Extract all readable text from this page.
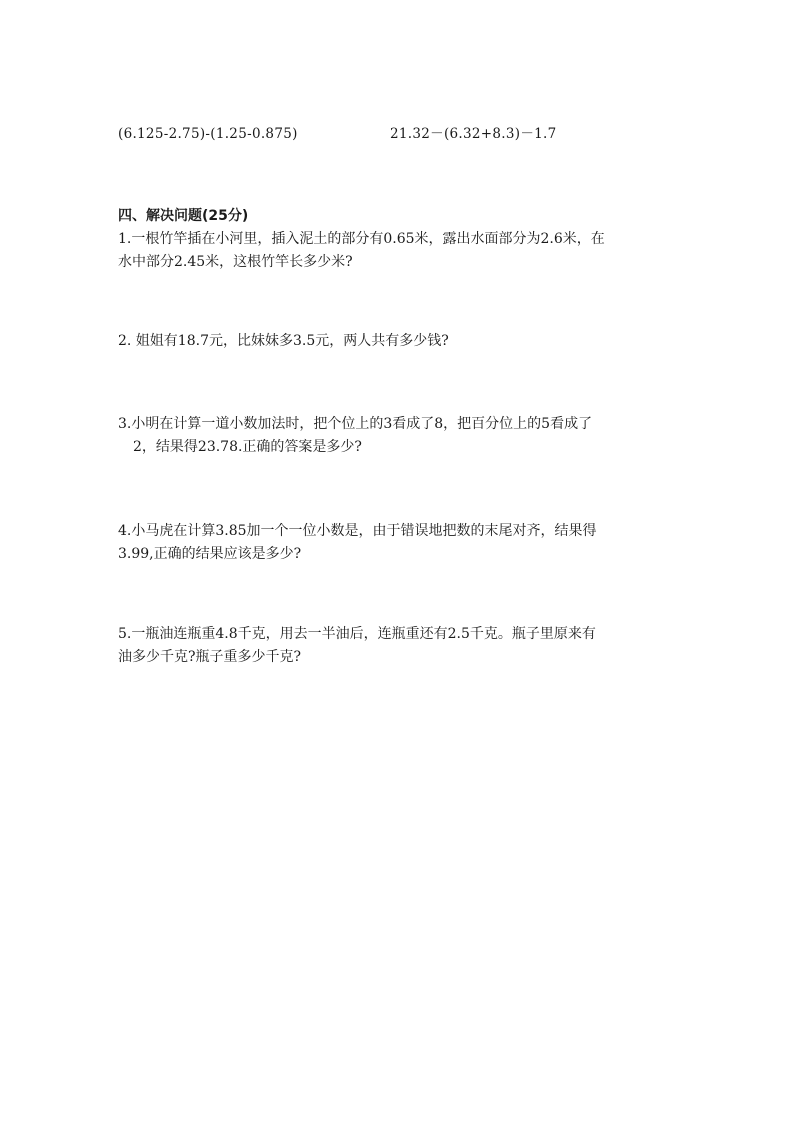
(6.125-2.75)-(1.25-0.875)	21.32－(6.32+8.3)－1.7
四、解决问题(25分)
1.一根竹竿插在小河里，插入泥土的部分有0.65米，露出水面部分为2.6米，在
水中部分2.45米，这根竹竿长多少米?
2. 姐姐有18.7元，比妹妹多3.5元，两人共有多少钱?
3.小明在计算一道小数加法时，把个位上的3看成了8，把百分位上的5看成了
2，结果得23.78.正确的答案是多少?
4.小马虎在计算3.85加一个一位小数是，由于错误地把数的末尾对齐，结果得
3.99,正确的结果应该是多少?
5.一瓶油连瓶重4.8千克，用去一半油后，连瓶重还有2.5千克。瓶子里原来有
油多少千克?瓶子重多少千克?
